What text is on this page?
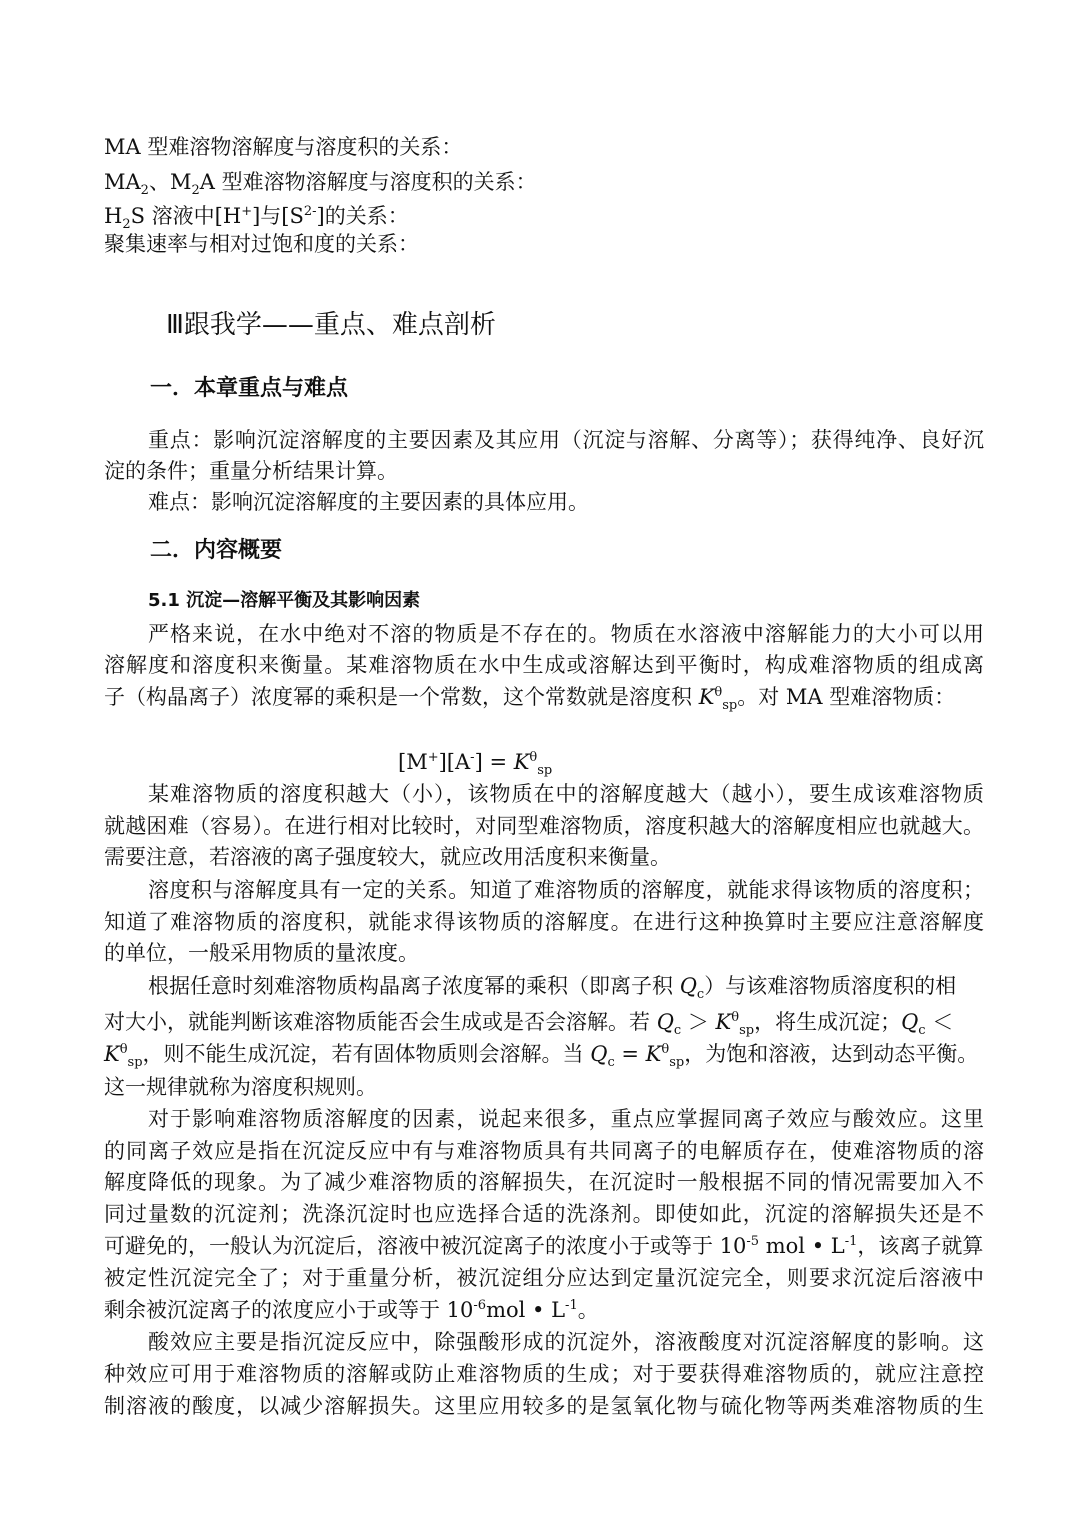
MA 型难溶物溶解度与溶度积的关系：
$MA_2$、$M_2A$ 型难溶物溶解度与溶度积的关系：
$H_2S$ 溶液中[H+]与$[S^{2-}]$的关系：
聚集速率与相对过饱和度的关系：
Ⅲ跟我学——重点、难点剖析
一．本章重点与难点
重点：影响沉淀溶解度的主要因素及其应用（沉淀与溶解、分离等）；获得纯净、良好沉
淀的条件；重量分析结果计算。
难点：影响沉淀溶解度的主要因素的具体应用。
二．内容概要
5.1 沉淀—溶解平衡及其影响因素
严格来说，在水中绝对不溶的物质是不存在的。物质在水溶液中溶解能力的大小可以用
溶解度和溶度积来衡量。某难溶物质在水中生成或溶解达到平衡时，构成难溶物质的组成离
子（构晶离子）浓度幂的乘积是一个常数，这个常数就是溶度积 $K^\theta_{sp}$。对 MA 型难溶物质：
$[M^+][A^-] = K^\theta_{sp}$
某难溶物质的溶度积越大（小），该物质在中的溶解度越大（越小），要生成该难溶物质
就越困难（容易）。在进行相对比较时，对同型难溶物质，溶度积越大的溶解度相应也就越大。
需要注意，若溶液的离子强度较大，就应改用活度积来衡量。
溶度积与溶解度具有一定的关系。知道了难溶物质的溶解度，就能求得该物质的溶度积；
知道了难溶物质的溶度积，就能求得该物质的溶解度。在进行这种换算时主要应注意溶解度
的单位，一般采用物质的量浓度。
根据任意时刻难溶物质构晶离子浓度幂的乘积（即离子积 $Q_c$）与该难溶物质溶度积的相
对大小，就能判断该难溶物质能否会生成或是否会溶解。若 $Q_c > K^\theta_{sp}$，将生成沉淀；$Q_c$ ＜
$K^\theta_{sp}$，则不能生成沉淀，若有固体物质则会溶解。当 $Q_c = K^\theta_{sp}$，为饱和溶液，达到动态平衡。
这一规律就称为溶度积规则。
对于影响难溶物质溶解度的因素，说起来很多，重点应掌握同离子效应与酸效应。这里
的同离子效应是指在沉淀反应中有与难溶物质具有共同离子的电解质存在，使难溶物质的溶
解度降低的现象。为了减少难溶物质的溶解损失，在沉淀时一般根据不同的情况需要加入不
同过量数的沉淀剂；洗涤沉淀时也应选择合适的洗涤剂。即使如此，沉淀的溶解损失还是不
可避免的，一般认为沉淀后，溶液中被沉淀离子的浓度小于或等于 $10^{-5}$ mol • $L^{-1}$，该离子就算
被定性沉淀完全了；对于重量分析，被沉淀组分应达到定量沉淀完全，则要求沉淀后溶液中
剩余被沉淀离子的浓度应小于或等于 $10^{-6}mol$ • $L^{-1}$。
酸效应主要是指沉淀反应中，除强酸形成的沉淀外，溶液酸度对沉淀溶解度的影响。这
种效应可用于难溶物质的溶解或防止难溶物质的生成；对于要获得难溶物质的，就应注意控
制溶液的酸度，以减少溶解损失。这里应用较多的是氢氧化物与硫化物等两类难溶物质的生
